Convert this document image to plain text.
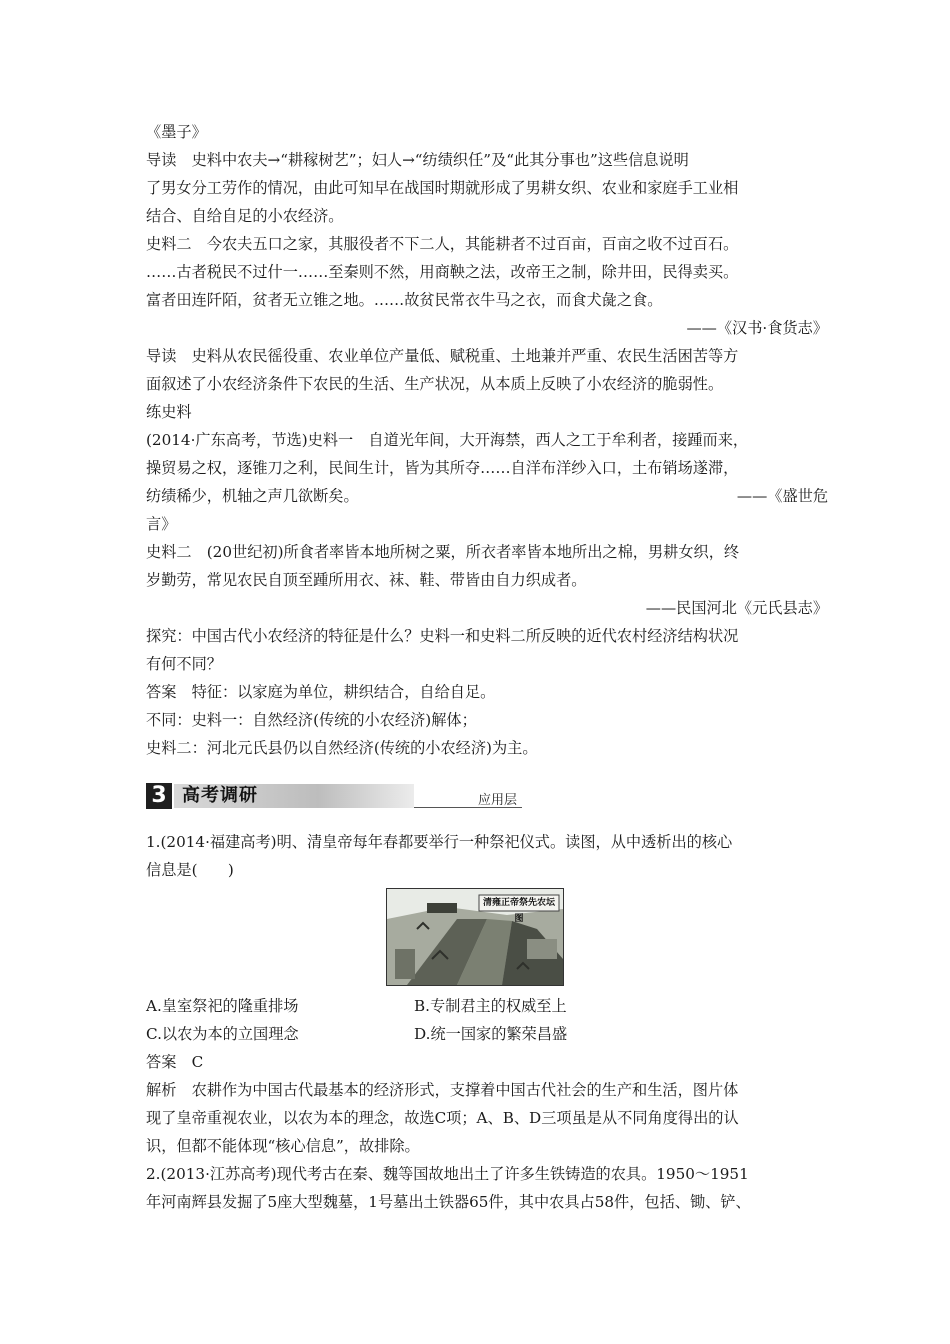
《墨子》
导读　史料中农夫→“耕稼树艺”；妇人→“纺绩织任”及“此其分事也”这些信息说明
了男女分工劳作的情况，由此可知早在战国时期就形成了男耕女织、农业和家庭手工业相
结合、自给自足的小农经济。
史料二　今农夫五口之家，其服役者不下二人，其能耕者不过百亩，百亩之收不过百石。
……古者税民不过什一……至秦则不然，用商鞅之法，改帝王之制，除井田，民得卖买。
富者田连阡陌，贫者无立锥之地。……故贫民常衣牛马之衣，而食犬彘之食。
——《汉书·食货志》
导读　史料从农民徭役重、农业单位产量低、赋税重、土地兼并严重、农民生活困苦等方
面叙述了小农经济条件下农民的生活、生产状况，从本质上反映了小农经济的脆弱性。
练史料
(2014·广东高考，节选)史料一　自道光年间，大开海禁，西人之工于牟利者，接踵而来，
操贸易之权，逐锥刀之利，民间生计，皆为其所夺……自洋布洋纱入口，土布销场遂滞，
纺绩稀少，机轴之声几欲断矣。	——《盛世危
言》
史料二　(20世纪初)所食者率皆本地所树之粟，所衣者率皆本地所出之棉，男耕女织，终
岁勤劳，常见农民自顶至踵所用衣、袜、鞋、带皆由自力织成者。
——民国河北《元氏县志》
探究：中国古代小农经济的特征是什么？史料一和史料二所反映的近代农村经济结构状况
有何不同？
答案　特征：以家庭为单位，耕织结合，自给自足。
不同：史料一：自然经济(传统的小农经济)解体；
史料二：河北元氏县仍以自然经济(传统的小农经济)为主。
3 高考调研	应用层
1.(2014·福建高考)明、清皇帝每年春都要举行一种祭祀仪式。读图，从中透析出的核心
信息是(　　)
清雍正帝祭先农坛图
A.皇室祭祀的隆重排场	B.专制君主的权威至上
C.以农为本的立国理念	D.统一国家的繁荣昌盛
答案　C
解析　农耕作为中国古代最基本的经济形式，支撑着中国古代社会的生产和生活，图片体
现了皇帝重视农业，以农为本的理念，故选C项；A、B、D三项虽是从不同角度得出的认
识，但都不能体现“核心信息”，故排除。
2.(2013·江苏高考)现代考古在秦、魏等国故地出土了许多生铁铸造的农具。1950～1951
年河南辉县发掘了5座大型魏墓，1号墓出土铁器65件，其中农具占58件，包括、锄、铲、
